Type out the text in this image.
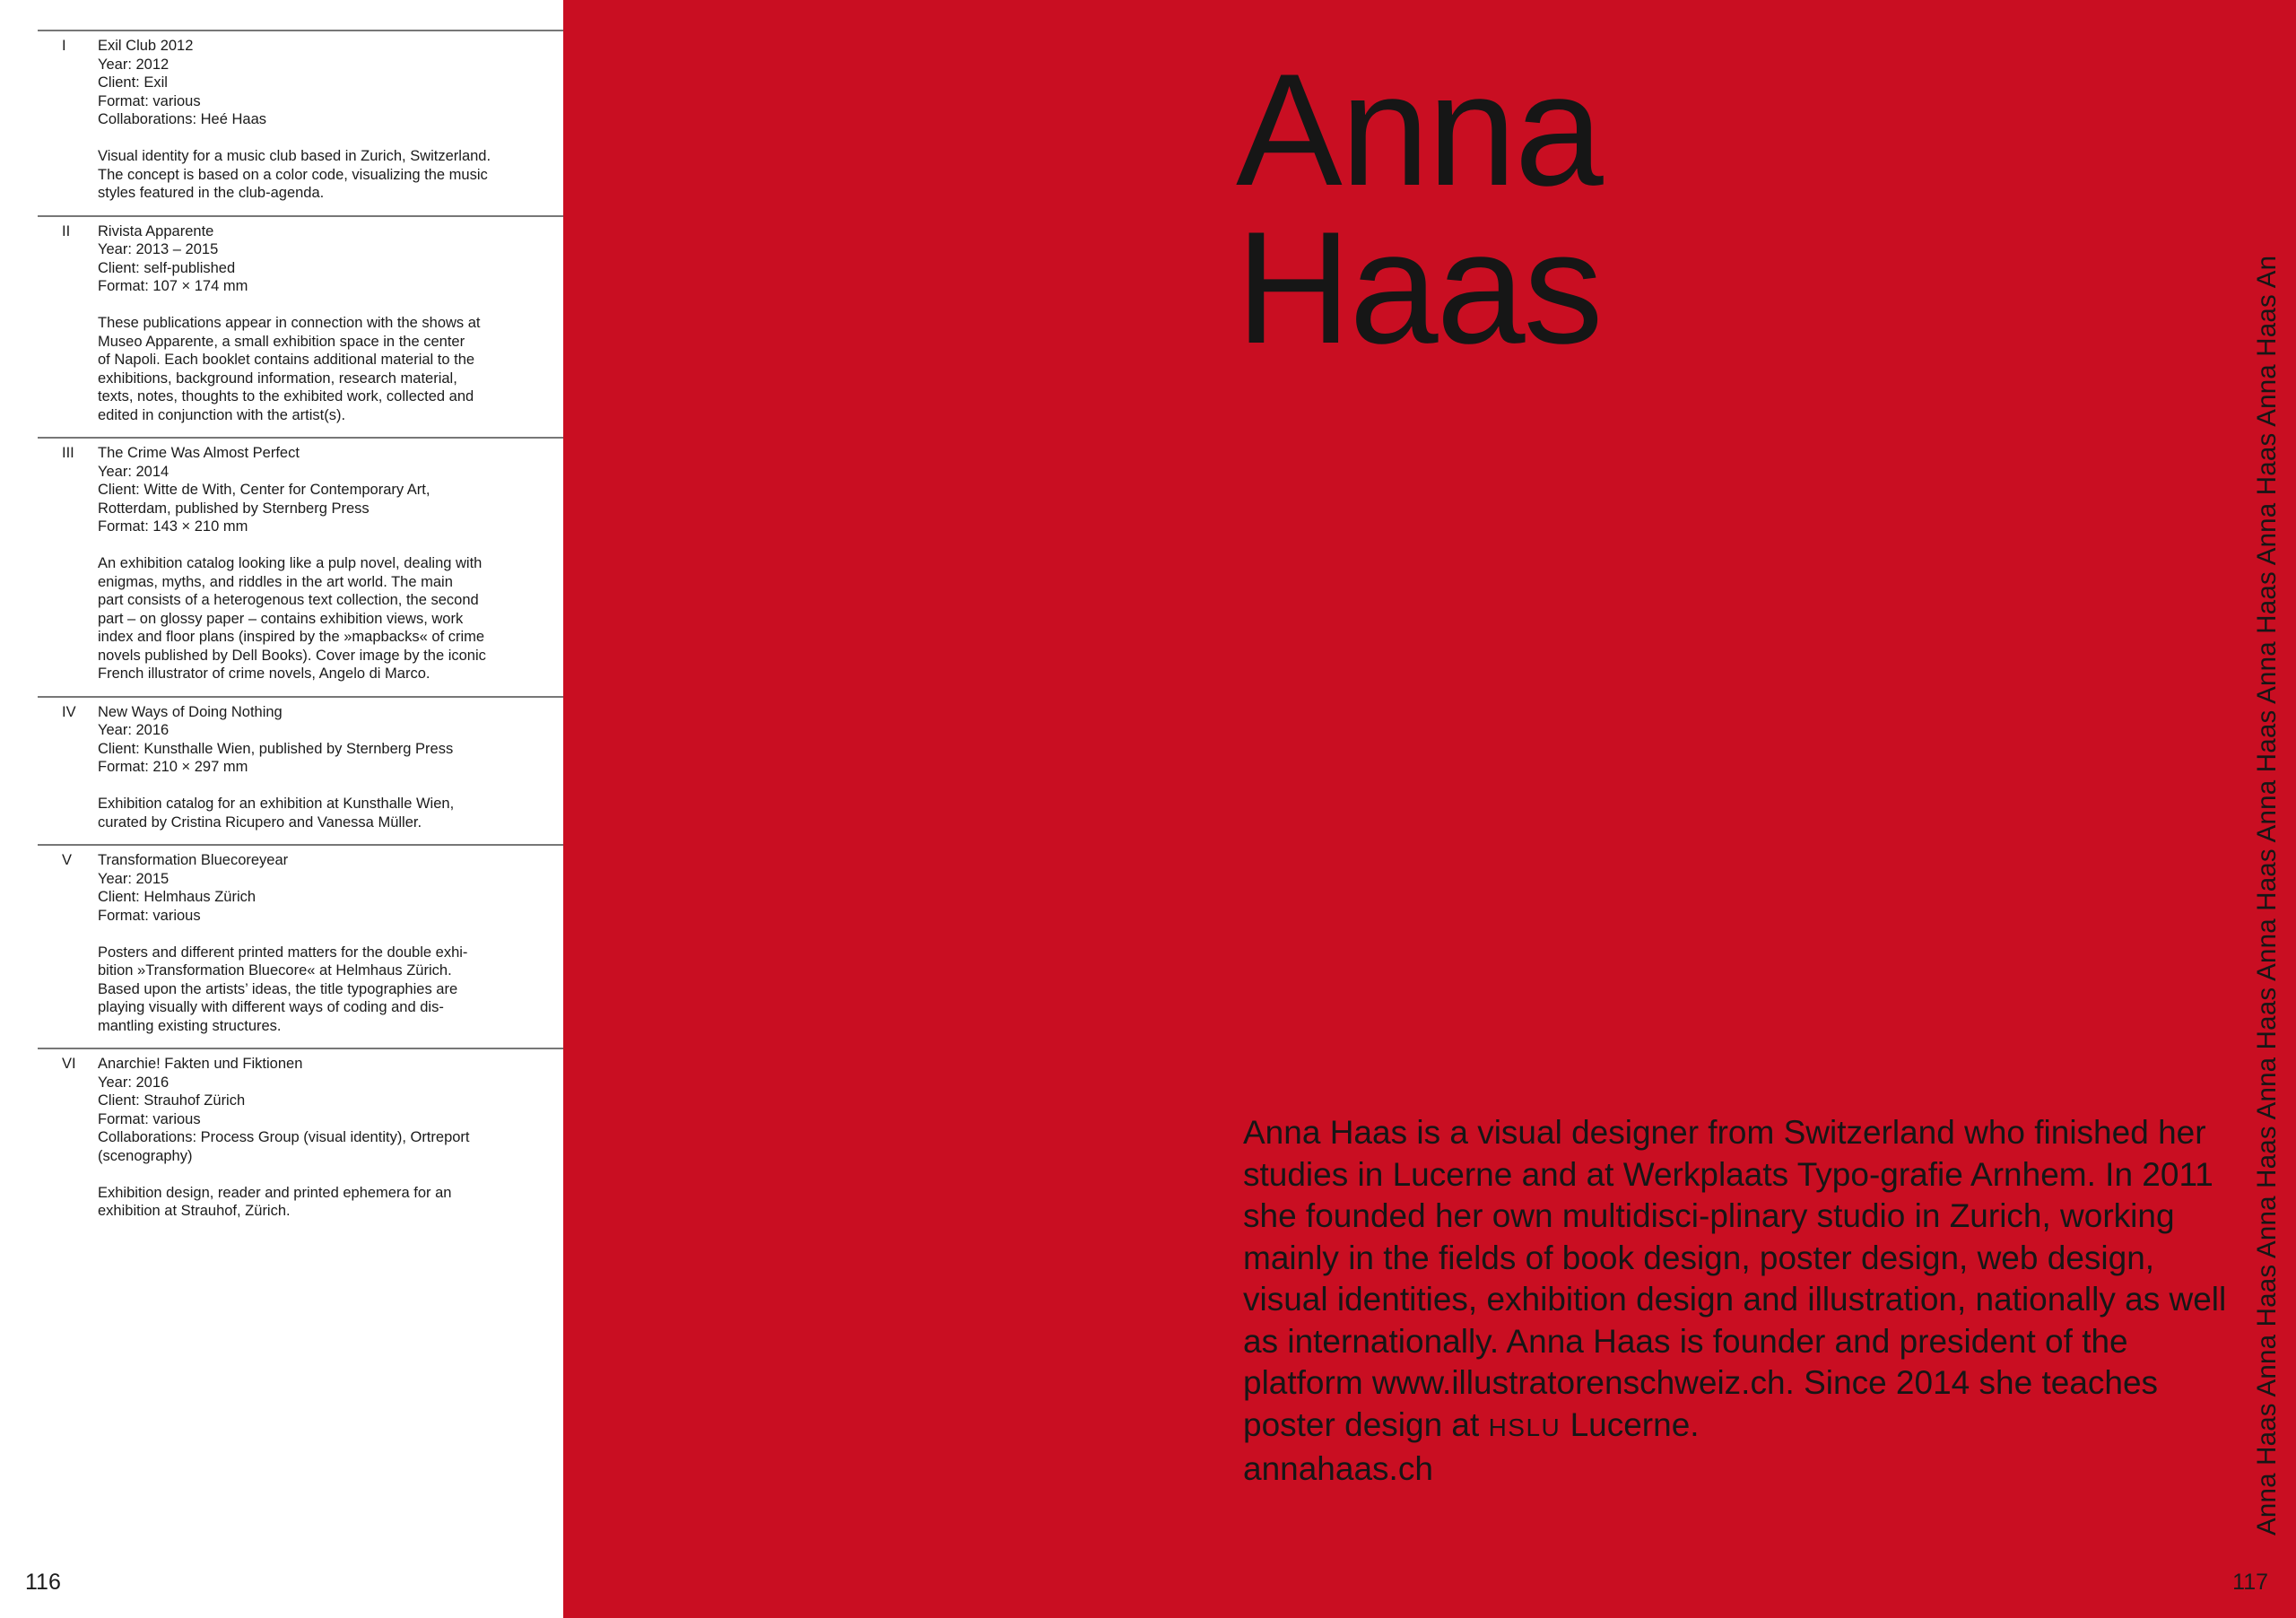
I	Exil Club 2012
Year: 2012
Client: Exil
Format: various
Collaborations: Heé Haas

Visual identity for a music club based in Zurich, Switzerland.
The concept is based on a color code, visualizing the music
styles featured in the club-agenda.

II	Rivista Apparente
Year: 2013 – 2015
Client: self-published
Format: 107 × 174 mm

These publications appear in connection with the shows at
Museo Apparente, a small exhibition space in the center
of Napoli. Each booklet contains additional material to the
exhibitions, background information, research material,
texts, notes, thoughts to the exhibited work, collected and
edited in conjunction with the artist(s).

III	The Crime Was Almost Perfect
Year: 2014
Client: Witte de With, Center for Contemporary Art,
Rotterdam, published by Sternberg Press
Format: 143 × 210 mm

An exhibition catalog looking like a pulp novel, dealing with
enigmas, myths, and riddles in the art world. The main
part consists of a heterogenous text collection, the second
part – on glossy paper – contains exhibition views, work
index and floor plans (inspired by the »mapbacks« of crime
novels published by Dell Books). Cover image by the iconic
French illustrator of crime novels, Angelo di Marco.

IV	New Ways of Doing Nothing
Year: 2016
Client: Kunsthalle Wien, published by Sternberg Press
Format: 210 × 297 mm

Exhibition catalog for an exhibition at Kunsthalle Wien,
curated by Cristina Ricupero and Vanessa Müller.

V	Transformation Bluecoreyear
Year: 2015
Client: Helmhaus Zürich
Format: various

Posters and different printed matters for the double exhi-
bition »Transformation Bluecore« at Helmhaus Zürich.
Based upon the artists’ ideas, the title typographies are
playing visually with different ways of coding and dis-
mantling existing structures.

VI	Anarchie! Fakten und Fiktionen
Year: 2016
Client: Strauhof Zürich
Format: various
Collaborations: Process Group (visual identity), Ortreport
(scenography)

Exhibition design, reader and printed ephemera for an
exhibition at Strauhof, Zürich.

116
Anna
Haas

Anna Haas is a visual designer from Switzerland who finished her studies in Lucerne and at Werkplaats Typo-grafie Arnhem. In 2011 she founded her own multidisci-plinary studio in Zurich, working mainly in the fields of book design, poster design, web design, visual identities, exhibition design and illustration, nationally as well as internationally. Anna Haas is founder and president of the platform www.illustratorenschweiz.ch. Since 2014 she teaches poster design at HSLU Lucerne.
annahaas.ch	Anna Haas Anna Haas Anna Haas Anna Haas Anna Haas Anna Haas Anna Haas Anna Haas Anna Haas An
117
